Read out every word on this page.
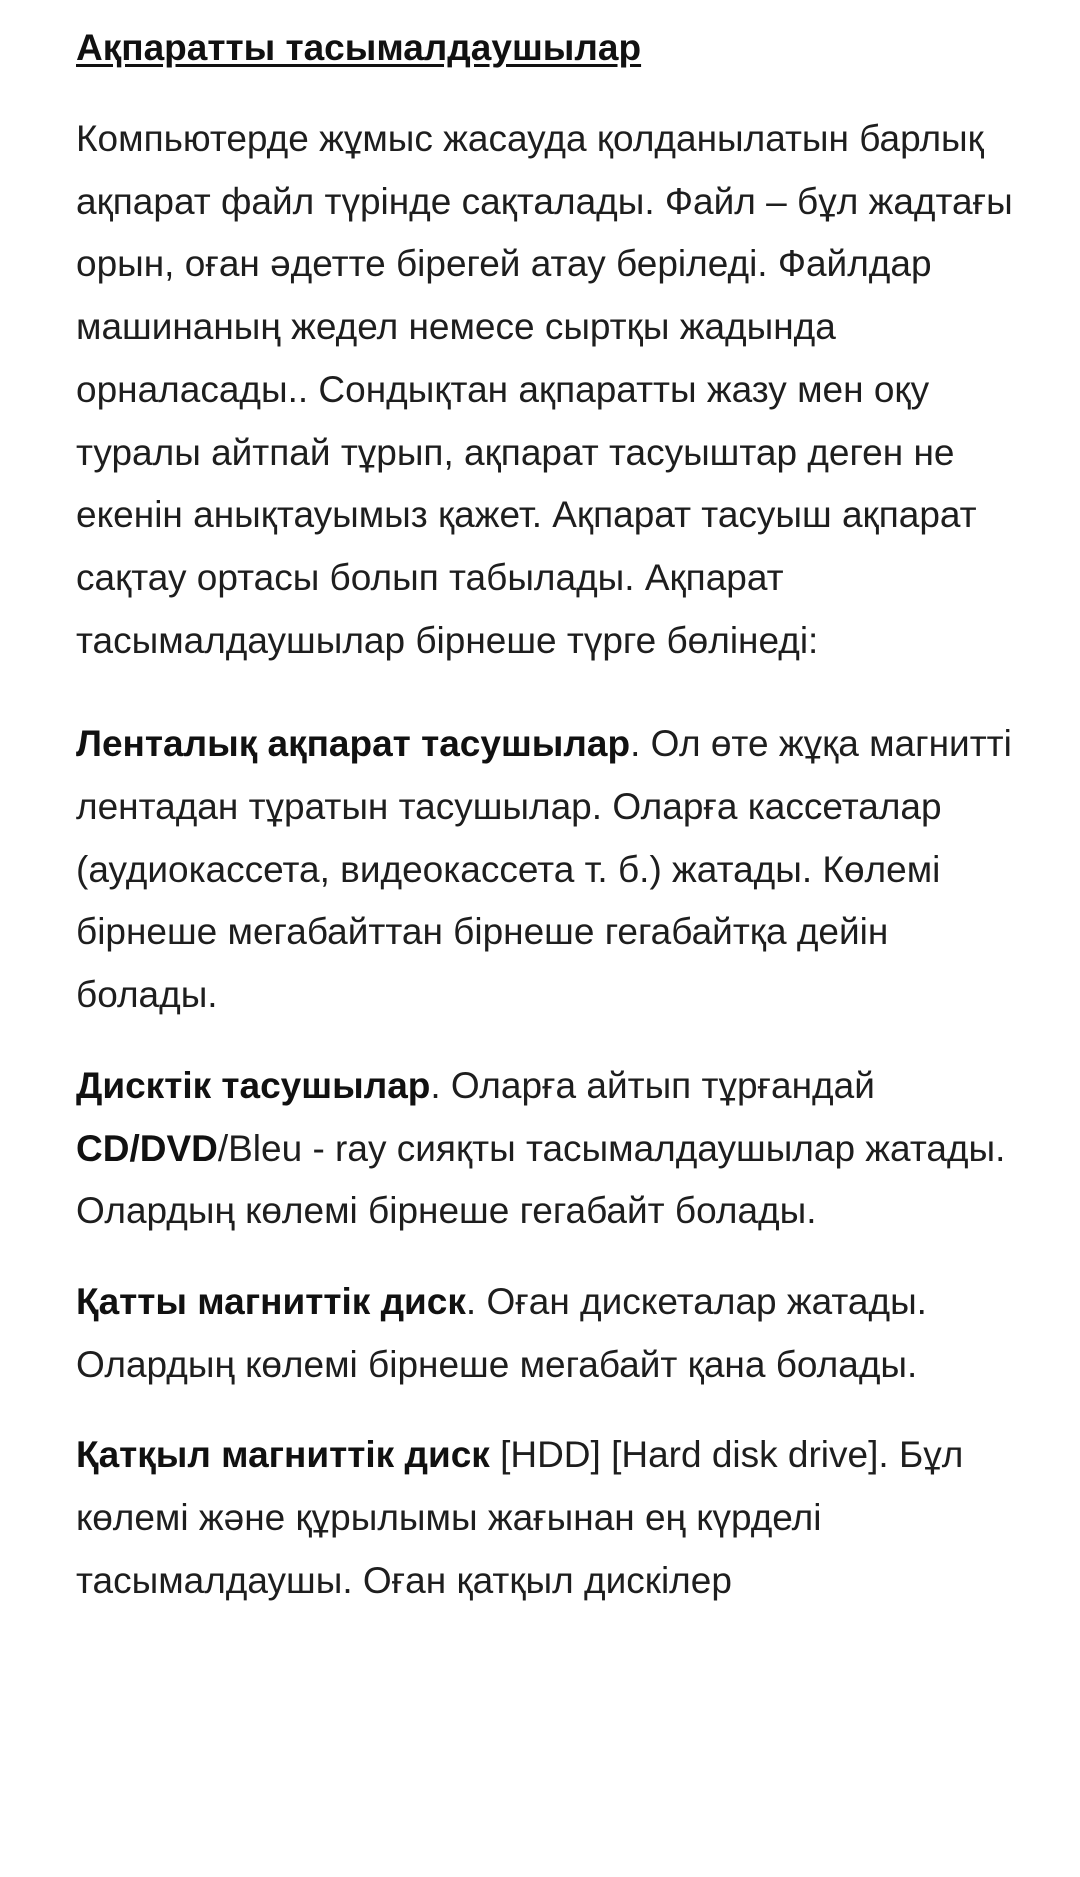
Ақпаратты тасымалдаушылар

Компьютерде жұмыс жасауда қолданылатын барлық ақпарат файл түрінде сақталады. Файл – бұл жадтағы орын, оған әдетте бірегей атау беріледі. Файлдар машинаның жедел немесе сыртқы жадында орналасады.. Сондықтан ақпаратты жазу мен оқу туралы айтпай тұрып, ақпарат тасуыштар деген не екенін анықтауымыз қажет. Ақпарат тасуыш ақпарат сақтау ортасы болып табылады. Ақпарат тасымалдаушылар бірнеше түрге бөлінеді:

Ленталық ақпарат тасушылар. Ол өте жұқа магнитті лентадан тұратын тасушылар. Оларға кассеталар (аудиокассета, видеокассета т. б.) жатады. Көлемі бірнеше мегабайттан бірнеше гегабайтқа дейін болады.

Дисктік тасушылар. Оларға айтып тұрғандай CD/DVD/Bleu - ray сияқты тасымалдаушылар жатады. Олардың көлемі бірнеше гегабайт болады.

Қатты магниттік диск. Оған дискеталар жатады. Олардың көлемі бірнеше мегабайт қана болады.

Қатқыл магниттік диск [HDD] [Hard disk drive]. Бұл көлемі және құрылымы жағынан ең күрделі тасымалдаушы. Оған қатқыл дискілер
